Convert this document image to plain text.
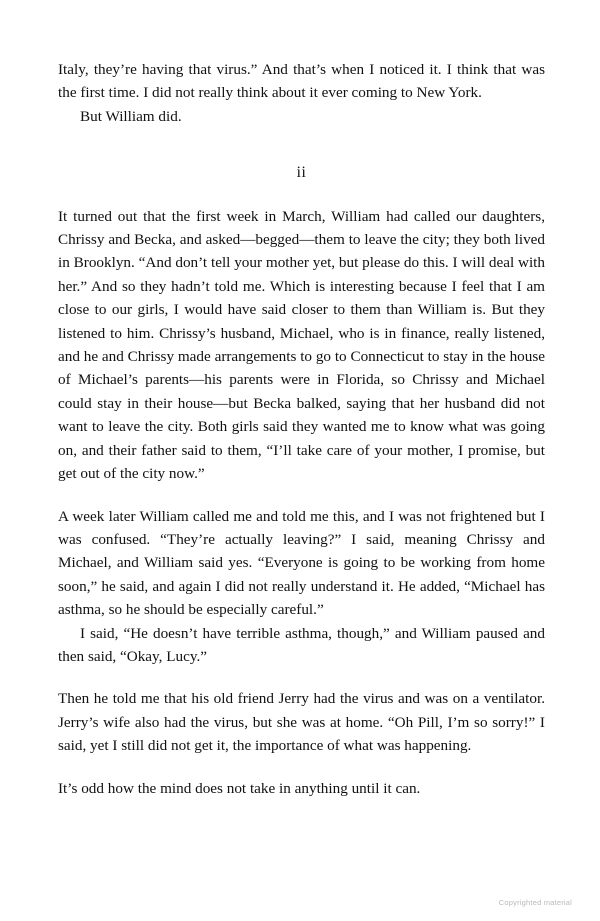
Italy, they’re having that virus.” And that’s when I noticed it. I think that was the first time. I did not really think about it ever coming to New York.

But William did.

ii

It turned out that the first week in March, William had called our daughters, Chrissy and Becka, and asked—begged—them to leave the city; they both lived in Brooklyn. “And don’t tell your mother yet, but please do this. I will deal with her.” And so they hadn’t told me. Which is interesting because I feel that I am close to our girls, I would have said closer to them than William is. But they listened to him. Chrissy’s husband, Michael, who is in finance, really listened, and he and Chrissy made arrangements to go to Connecticut to stay in the house of Michael’s parents—his parents were in Florida, so Chrissy and Michael could stay in their house—but Becka balked, saying that her husband did not want to leave the city. Both girls said they wanted me to know what was going on, and their father said to them, “I’ll take care of your mother, I promise, but get out of the city now.”

A week later William called me and told me this, and I was not frightened but I was confused. “They’re actually leaving?” I said, meaning Chrissy and Michael, and William said yes. “Everyone is going to be working from home soon,” he said, and again I did not really understand it. He added, “Michael has asthma, so he should be especially careful.”

I said, “He doesn’t have terrible asthma, though,” and William paused and then said, “Okay, Lucy.”

Then he told me that his old friend Jerry had the virus and was on a ventilator. Jerry’s wife also had the virus, but she was at home. “Oh Pill, I’m so sorry!” I said, yet I still did not get it, the importance of what was happening.

It’s odd how the mind does not take in anything until it can.

Copyrighted material
